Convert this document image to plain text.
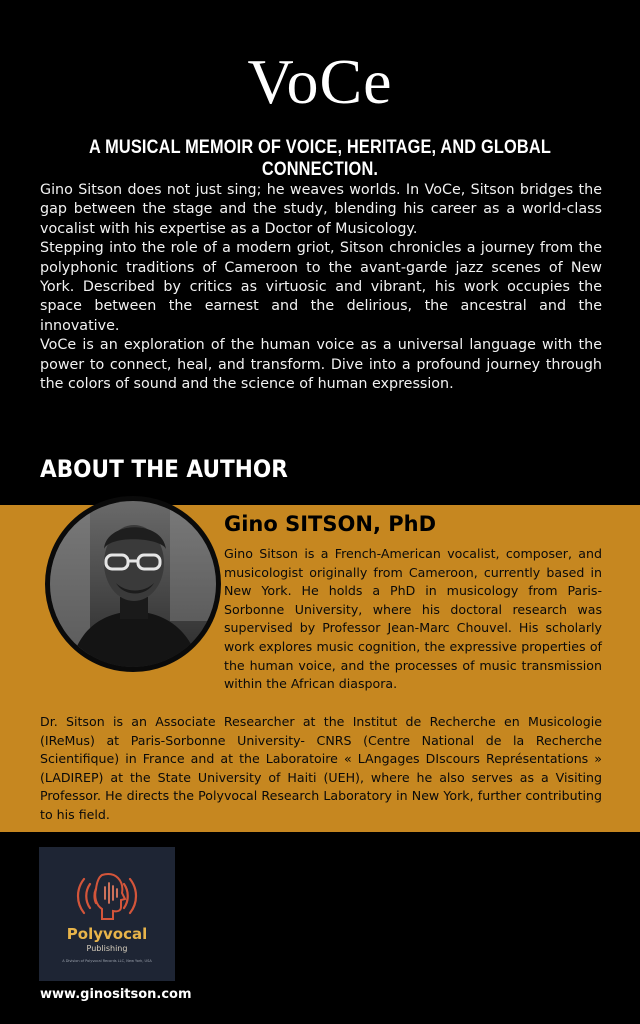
VoCe
A MUSICAL MEMOIR OF VOICE, HERITAGE, AND GLOBAL CONNECTION.

Gino Sitson does not just sing; he weaves worlds. In VoCe, Sitson bridges the gap between the stage and the study, blending his career as a world-class vocalist with his expertise as a Doctor of Musicology.

Stepping into the role of a modern griot, Sitson chronicles a journey from the polyphonic traditions of Cameroon to the avant-garde jazz scenes of New York. Described by critics as virtuosic and vibrant, his work occupies the space between the earnest and the delirious, the ancestral and the innovative.

VoCe is an exploration of the human voice as a universal language with the power to connect, heal, and transform. Dive into a profound journey through the colors of sound and the science of human expression.

ABOUT THE AUTHOR
Gino SITSON, PhD

Gino Sitson is a French-American vocalist, composer, and musicologist originally from Cameroon, currently based in New York. He holds a PhD in musicology from Paris-Sorbonne University, where his doctoral research was supervised by Professor Jean-Marc Chouvel. His scholarly work explores music cognition, the expressive properties of the human voice, and the processes of music transmission within the African diaspora.

Dr. Sitson is an Associate Researcher at the Institut de Recherche en Musicologie (IReMus) at Paris-Sorbonne University- CNRS (Centre National de la Recherche Scientifique) in France and at the Laboratoire « LAngages DIscours Représentations » (LADIREP) at the State University of Haiti (UEH), where he also serves as a Visiting Professor. He directs the Polyvocal Research Laboratory in New York, further contributing to his field.

Polyvocal
Publishing
A Division of Polyvocal Records LLC, New York, USA
www.ginositson.com
